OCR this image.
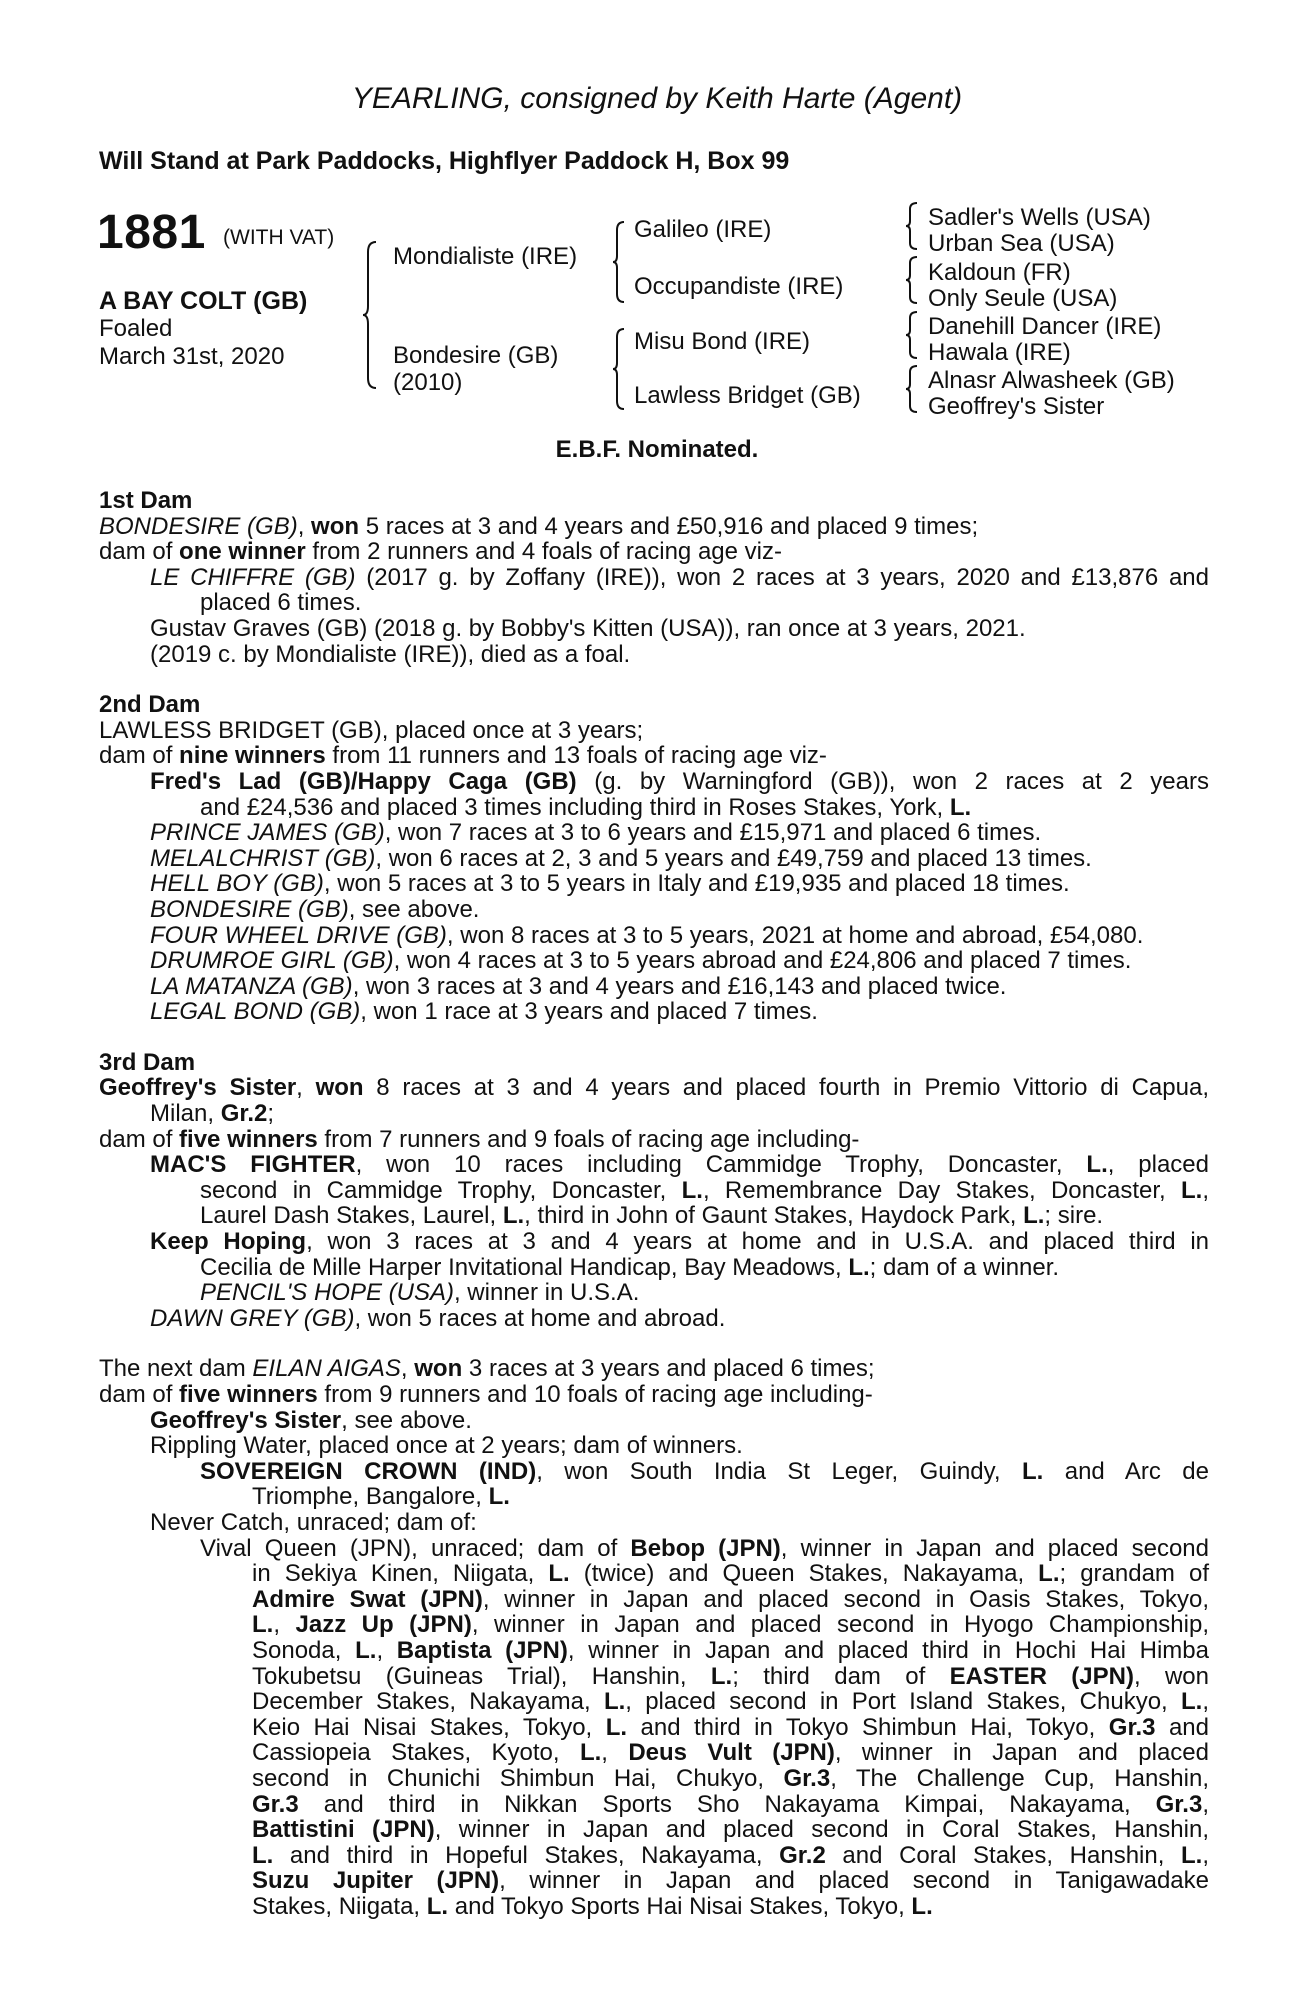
YEARLING, consigned by Keith Harte (Agent)
Will Stand at Park Paddocks, Highflyer Paddock H, Box 99
1881 (WITH VAT)
A BAY COLT (GB)
Foaled
March 31st, 2020
Mondialiste (IRE)
Bondesire (GB)
(2010)
Galileo (IRE)
Occupandiste (IRE)
Misu Bond (IRE)
Lawless Bridget (GB)
Sadler's Wells (USA)
Urban Sea (USA)
Kaldoun (FR)
Only Seule (USA)
Danehill Dancer (IRE)
Hawala (IRE)
Alnasr Alwasheek (GB)
Geoffrey's Sister
E.B.F. Nominated.
1st Dam
BONDESIRE (GB), won 5 races at 3 and 4 years and £50,916 and placed 9 times;
dam of one winner from 2 runners and 4 foals of racing age viz-
LE CHIFFRE (GB) (2017 g. by Zoffany (IRE)), won 2 races at 3 years, 2020 and £13,876 and
placed 6 times.
Gustav Graves (GB) (2018 g. by Bobby's Kitten (USA)), ran once at 3 years, 2021.
(2019 c. by Mondialiste (IRE)), died as a foal.
2nd Dam
LAWLESS BRIDGET (GB), placed once at 3 years;
dam of nine winners from 11 runners and 13 foals of racing age viz-
Fred's Lad (GB)/Happy Caga (GB) (g. by Warningford (GB)), won 2 races at 2 years
and £24,536 and placed 3 times including third in Roses Stakes, York, L.
PRINCE JAMES (GB), won 7 races at 3 to 6 years and £15,971 and placed 6 times.
MELALCHRIST (GB), won 6 races at 2, 3 and 5 years and £49,759 and placed 13 times.
HELL BOY (GB), won 5 races at 3 to 5 years in Italy and £19,935 and placed 18 times.
BONDESIRE (GB), see above.
FOUR WHEEL DRIVE (GB), won 8 races at 3 to 5 years, 2021 at home and abroad, £54,080.
DRUMROE GIRL (GB), won 4 races at 3 to 5 years abroad and £24,806 and placed 7 times.
LA MATANZA (GB), won 3 races at 3 and 4 years and £16,143 and placed twice.
LEGAL BOND (GB), won 1 race at 3 years and placed 7 times.
3rd Dam
Geoffrey's Sister, won 8 races at 3 and 4 years and placed fourth in Premio Vittorio di Capua,
Milan, Gr.2;
dam of five winners from 7 runners and 9 foals of racing age including-
MAC'S FIGHTER, won 10 races including Cammidge Trophy, Doncaster, L., placed
second in Cammidge Trophy, Doncaster, L., Remembrance Day Stakes, Doncaster, L.,
Laurel Dash Stakes, Laurel, L., third in John of Gaunt Stakes, Haydock Park, L.; sire.
Keep Hoping, won 3 races at 3 and 4 years at home and in U.S.A. and placed third in
Cecilia de Mille Harper Invitational Handicap, Bay Meadows, L.; dam of a winner.
PENCIL'S HOPE (USA), winner in U.S.A.
DAWN GREY (GB), won 5 races at home and abroad.
The next dam EILAN AIGAS, won 3 races at 3 years and placed 6 times;
dam of five winners from 9 runners and 10 foals of racing age including-
Geoffrey's Sister, see above.
Rippling Water, placed once at 2 years; dam of winners.
SOVEREIGN CROWN (IND), won South India St Leger, Guindy, L. and Arc de
Triomphe, Bangalore, L.
Never Catch, unraced; dam of:
Vival Queen (JPN), unraced; dam of Bebop (JPN), winner in Japan and placed second
in Sekiya Kinen, Niigata, L. (twice) and Queen Stakes, Nakayama, L.; grandam of
Admire Swat (JPN), winner in Japan and placed second in Oasis Stakes, Tokyo,
L., Jazz Up (JPN), winner in Japan and placed second in Hyogo Championship,
Sonoda, L., Baptista (JPN), winner in Japan and placed third in Hochi Hai Himba
Tokubetsu (Guineas Trial), Hanshin, L.; third dam of EASTER (JPN), won
December Stakes, Nakayama, L., placed second in Port Island Stakes, Chukyo, L.,
Keio Hai Nisai Stakes, Tokyo, L. and third in Tokyo Shimbun Hai, Tokyo, Gr.3 and
Cassiopeia Stakes, Kyoto, L., Deus Vult (JPN), winner in Japan and placed
second in Chunichi Shimbun Hai, Chukyo, Gr.3, The Challenge Cup, Hanshin,
Gr.3 and third in Nikkan Sports Sho Nakayama Kimpai, Nakayama, Gr.3,
Battistini (JPN), winner in Japan and placed second in Coral Stakes, Hanshin,
L. and third in Hopeful Stakes, Nakayama, Gr.2 and Coral Stakes, Hanshin, L.,
Suzu Jupiter (JPN), winner in Japan and placed second in Tanigawadake
Stakes, Niigata, L. and Tokyo Sports Hai Nisai Stakes, Tokyo, L.
